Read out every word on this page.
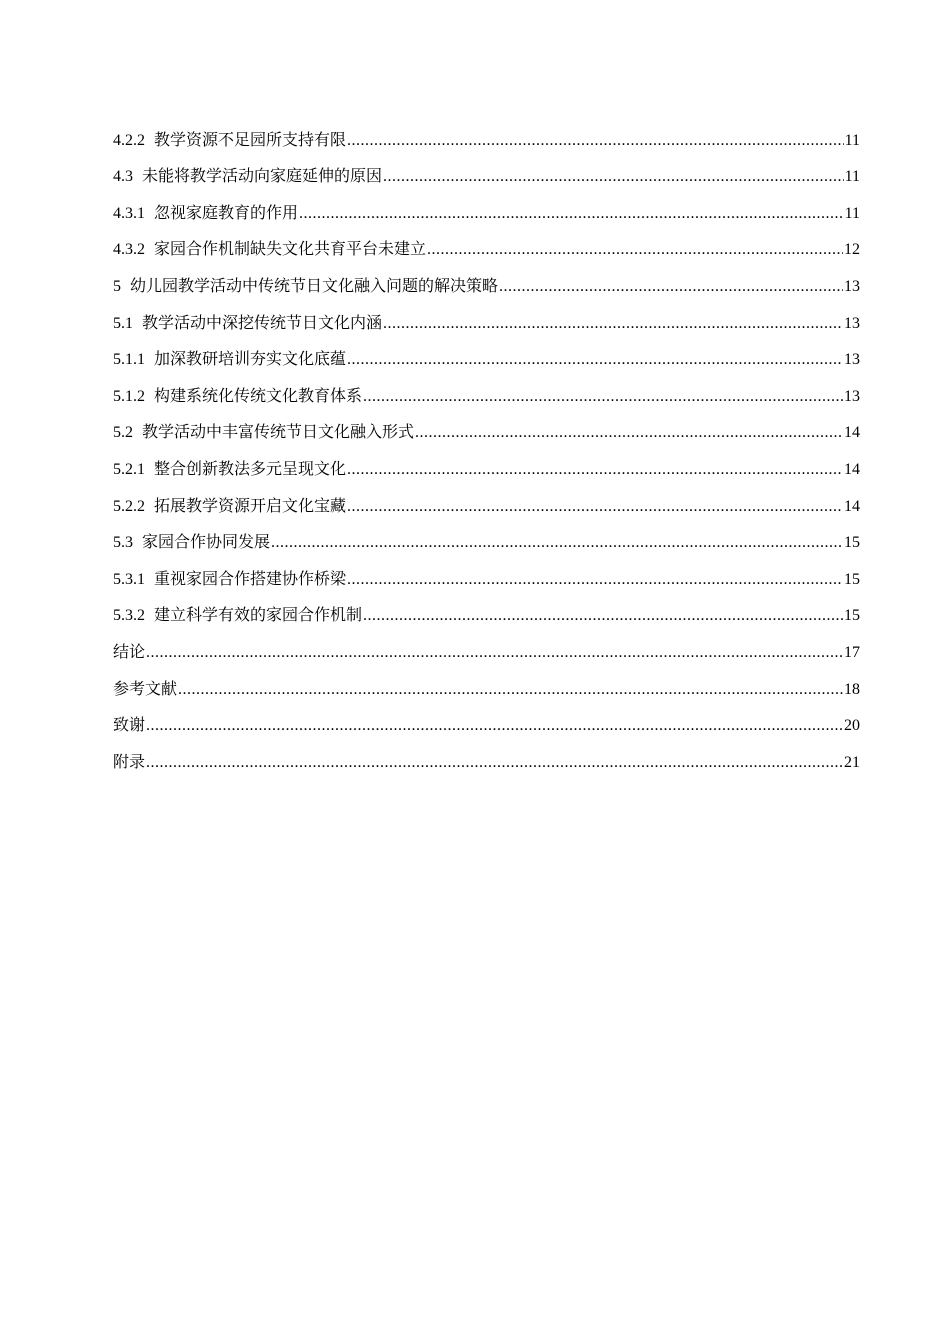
4.2.2 教学资源不足园所支持有限 .....	11
4.3 未能将教学活动向家庭延伸的原因 .....	11
4.3.1 忽视家庭教育的作用 .....	11
4.3.2 家园合作机制缺失文化共育平台未建立 .....	12
5 幼儿园教学活动中传统节日文化融入问题的解决策略 .....	13
5.1 教学活动中深挖传统节日文化内涵 .....	13
5.1.1 加深教研培训夯实文化底蕴 .....	13
5.1.2 构建系统化传统文化教育体系 .....	13
5.2 教学活动中丰富传统节日文化融入形式 .....	14
5.2.1 整合创新教法多元呈现文化 .....	14
5.2.2 拓展教学资源开启文化宝藏 .....	14
5.3 家园合作协同发展 .....	15
5.3.1 重视家园合作搭建协作桥梁 .....	15
5.3.2 建立科学有效的家园合作机制 .....	15
结论 .....	17
参考文献 .....	18
致谢 .....	20
附录 .....	21
